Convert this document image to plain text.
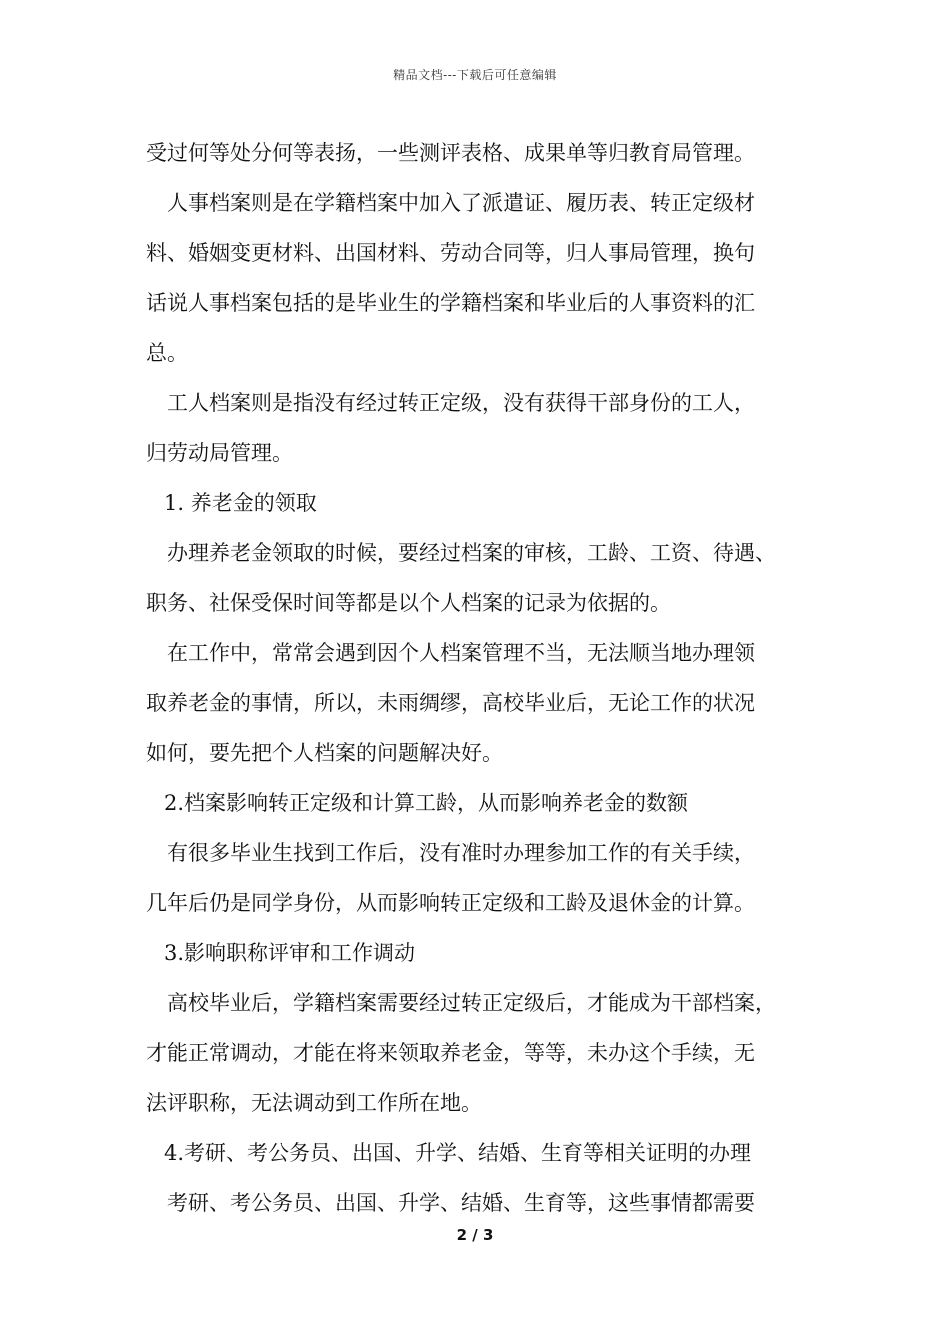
精品文档---下载后可任意编辑

受过何等处分何等表扬，一些测评表格、成果单等归教育局管理。

人事档案则是在学籍档案中加入了派遣证、履历表、转正定级材

料、婚姻变更材料、出国材料、劳动合同等，归人事局管理，换句

话说人事档案包括的是毕业生的学籍档案和毕业后的人事资料的汇

总。

工人档案则是指没有经过转正定级，没有获得干部身份的工人，

归劳动局管理。

1. 养老金的领取

办理养老金领取的时候，要经过档案的审核，工龄、工资、待遇、

职务、社保受保时间等都是以个人档案的记录为依据的。

在工作中，常常会遇到因个人档案管理不当，无法顺当地办理领

取养老金的事情，所以，未雨绸缪，高校毕业后，无论工作的状况

如何，要先把个人档案的问题解决好。

2.档案影响转正定级和计算工龄，从而影响养老金的数额

有很多毕业生找到工作后，没有准时办理参加工作的有关手续，

几年后仍是同学身份，从而影响转正定级和工龄及退休金的计算。

3.影响职称评审和工作调动

高校毕业后，学籍档案需要经过转正定级后，才能成为干部档案，

才能正常调动，才能在将来领取养老金，等等，未办这个手续，无

法评职称，无法调动到工作所在地。

4.考研、考公务员、出国、升学、结婚、生育等相关证明的办理

考研、考公务员、出国、升学、结婚、生育等，这些事情都需要

2 / 3
